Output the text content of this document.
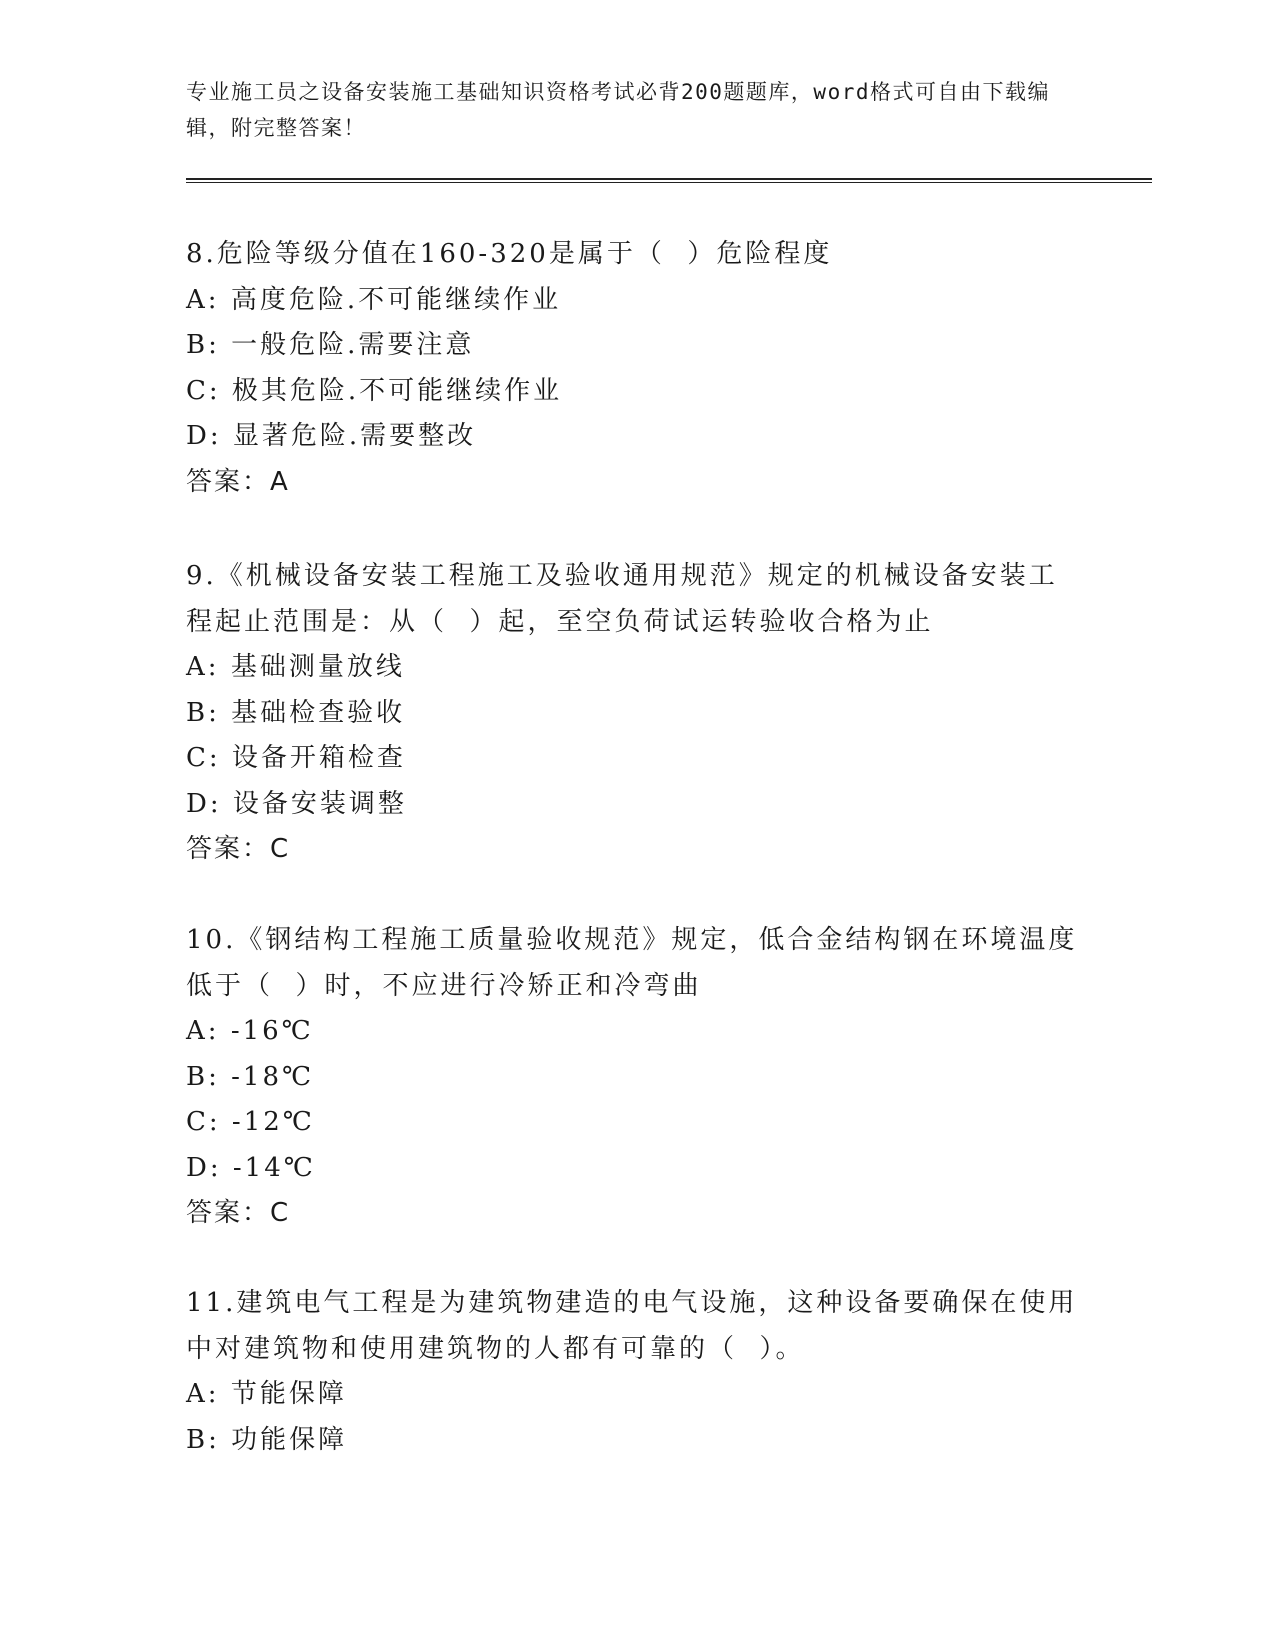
专业施工员之设备安装施工基础知识资格考试必背200题题库，word格式可自由下载编辑，附完整答案！

8.危险等级分值在160-320是属于（  ）危险程度

A: 高度危险.不可能继续作业

B: 一般危险.需要注意

C: 极其危险.不可能继续作业

D: 显著危险.需要整改

答案：A

9.《机械设备安装工程施工及验收通用规范》规定的机械设备安装工程起止范围是：从（  ）起，至空负荷试运转验收合格为止

A: 基础测量放线

B: 基础检查验收

C: 设备开箱检查

D: 设备安装调整

答案：C

10.《钢结构工程施工质量验收规范》规定，低合金结构钢在环境温度低于（  ）时，不应进行冷矫正和冷弯曲

A: -16℃

B: -18℃

C: -12℃

D: -14℃

答案：C

11.建筑电气工程是为建筑物建造的电气设施，这种设备要确保在使用中对建筑物和使用建筑物的人都有可靠的（  ）。

A: 节能保障

B: 功能保障
